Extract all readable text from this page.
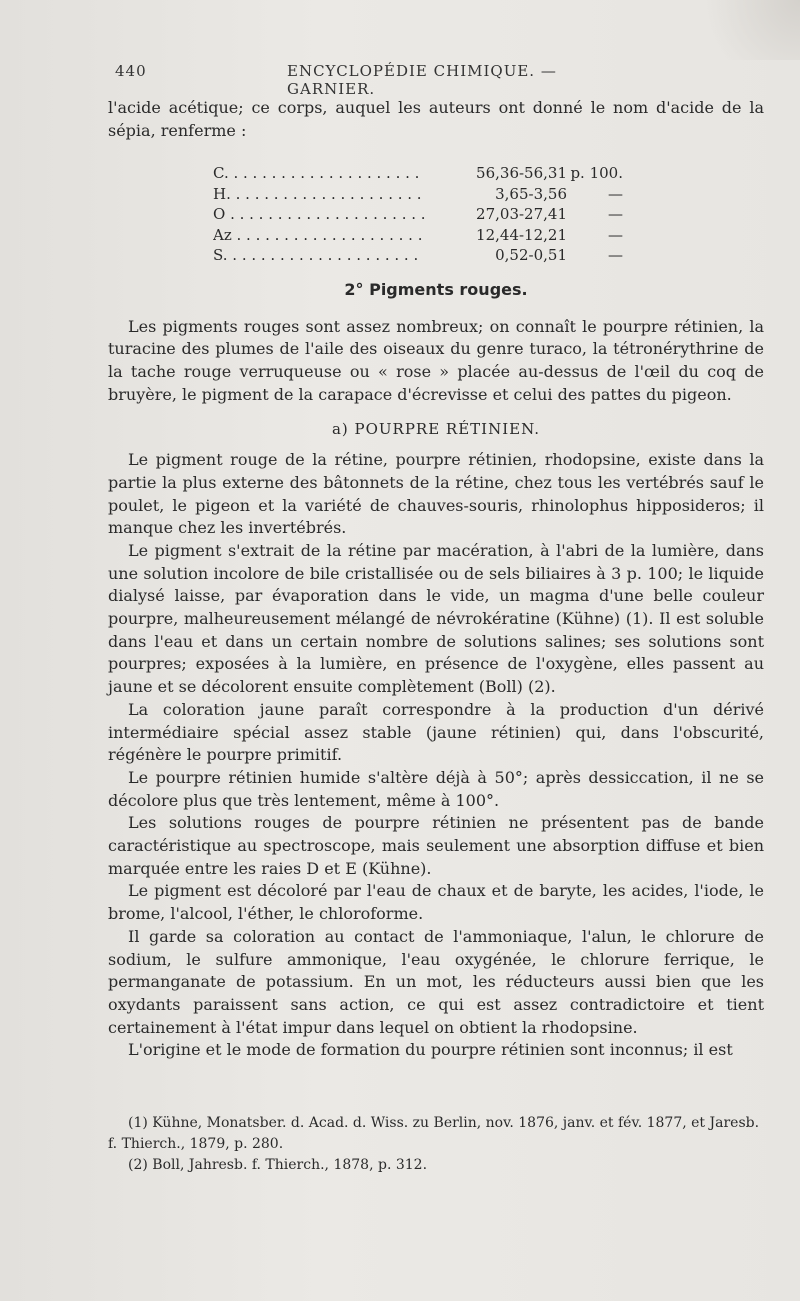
440	ENCYCLOPÉDIE CHIMIQUE. — GARNIER.

l'acide acétique; ce corps, auquel les auteurs ont donné le nom d'acide de la sépia, renferme :

C. . . . . . . . . . . . . . . . . . . . .	56,36-56,31 p. 100.
H. . . . . . . . . . . . . . . . . . . . .	3,65-3,56	—
O . . . . . . . . . . . . . . . . . . . . .	27,03-27,41	—
Az . . . . . . . . . . . . . . . . . . . .	12,44-12,21	—
S. . . . . . . . . . . . . . . . . . . . .	0,52-0,51	—
2° Pigments rouges.

Les pigments rouges sont assez nombreux; on connaît le pourpre rétinien, la turacine des plumes de l'aile des oiseaux du genre turaco, la tétronérythrine de la tache rouge verruqueuse ou « rose » placée au-dessus de l'œil du coq de bruyère, le pigment de la carapace d'écrevisse et celui des pattes du pigeon.

a) POURPRE RÉTINIEN.

Le pigment rouge de la rétine, pourpre rétinien, rhodopsine, existe dans la partie la plus externe des bâtonnets de la rétine, chez tous les vertébrés sauf le poulet, le pigeon et la variété de chauves-souris, rhinolophus hipposideros; il manque chez les invertébrés.

Le pigment s'extrait de la rétine par macération, à l'abri de la lumière, dans une solution incolore de bile cristallisée ou de sels biliaires à 3 p. 100; le liquide dialysé laisse, par évaporation dans le vide, un magma d'une belle couleur pourpre, malheureusement mélangé de névrokératine (Kühne) (1). Il est soluble dans l'eau et dans un certain nombre de solutions salines; ses solutions sont pourpres; exposées à la lumière, en présence de l'oxygène, elles passent au jaune et se décolorent ensuite complètement (Boll) (2).

La coloration jaune paraît correspondre à la production d'un dérivé intermédiaire spécial assez stable (jaune rétinien) qui, dans l'obscurité, régénère le pourpre primitif.

Le pourpre rétinien humide s'altère déjà à 50°; après dessiccation, il ne se décolore plus que très lentement, même à 100°.

Les solutions rouges de pourpre rétinien ne présentent pas de bande caractéristique au spectroscope, mais seulement une absorption diffuse et bien marquée entre les raies D et E (Kühne).

Le pigment est décoloré par l'eau de chaux et de baryte, les acides, l'iode, le brome, l'alcool, l'éther, le chloroforme.

Il garde sa coloration au contact de l'ammoniaque, l'alun, le chlorure de sodium, le sulfure ammonique, l'eau oxygénée, le chlorure ferrique, le permanganate de potassium. En un mot, les réducteurs aussi bien que les oxydants paraissent sans action, ce qui est assez contradictoire et tient certainement à l'état impur dans lequel on obtient la rhodopsine.

L'origine et le mode de formation du pourpre rétinien sont inconnus; il est

(1) Kühne, Monatsber. d. Acad. d. Wiss. zu Berlin, nov. 1876, janv. et fév. 1877, et Jaresb. f. Thierch., 1879, p. 280.

(2) Boll, Jahresb. f. Thierch., 1878, p. 312.
